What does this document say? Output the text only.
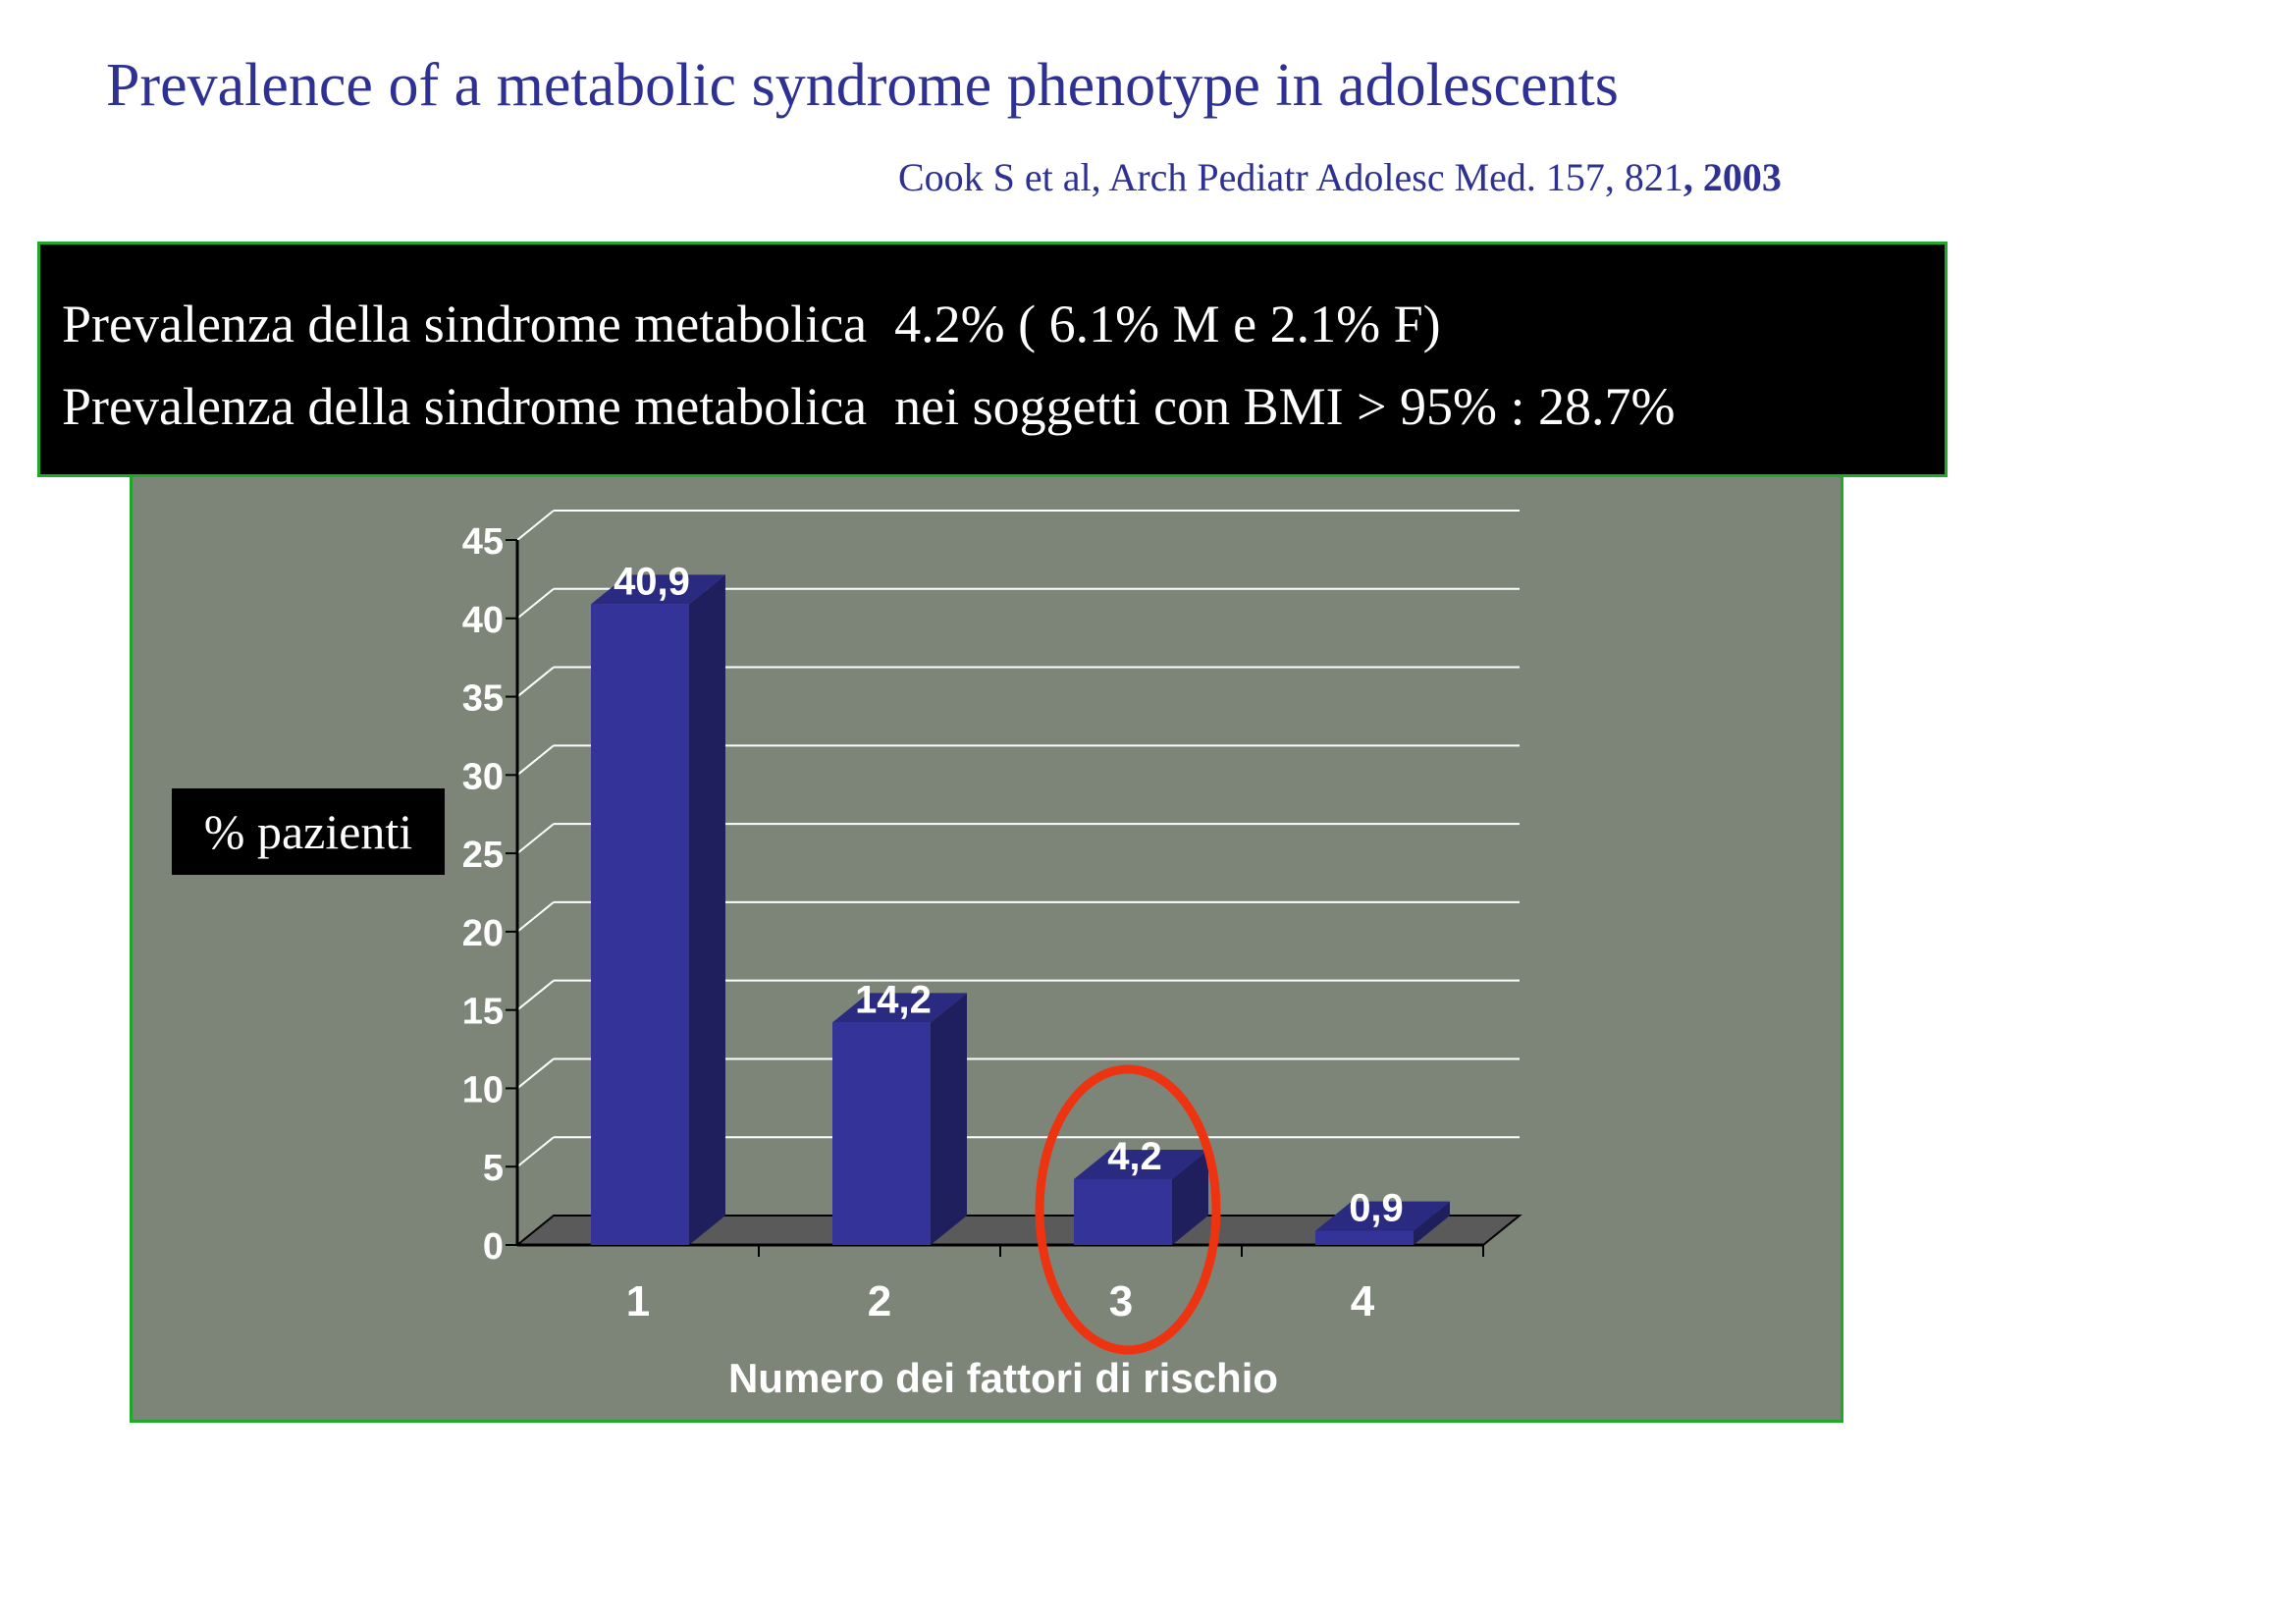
Prevalence of a metabolic syndrome phenotype in adolescents
Cook S et al, Arch Pediatr Adolesc Med. 157, 821, 2003
Prevalenza della sindrome metabolica 4.2% ( 6.1% M e 2.1% F)
Prevalenza della sindrome metabolica nei soggetti con BMI > 95% : 28.7%
0
5
10
15
20
25
30
35
40
45
40,9
14,2
4,2
0,9
1	2	3	4
Numero dei fattori di rischio
% pazienti
